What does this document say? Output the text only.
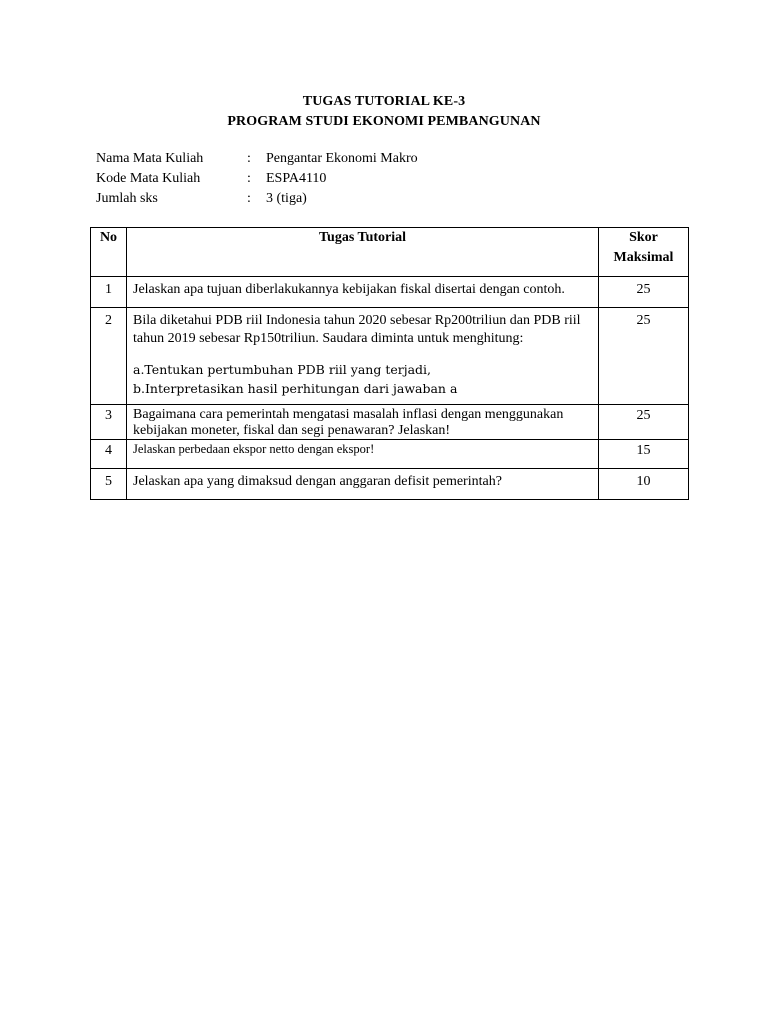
TUGAS TUTORIAL KE-3
PROGRAM STUDI EKONOMI PEMBANGUNAN
Nama Mata Kuliah	: Pengantar Ekonomi Makro
Kode Mata Kuliah	: ESPA4110
Jumlah sks	: 3 (tiga)
No	Tugas Tutorial	Skor
Maksimal

1	Jelaskan apa tujuan diberlakukannya kebijakan fiskal disertai dengan contoh.	25
2	Bila diketahui PDB riil Indonesia tahun 2020 sebesar Rp200triliun dan PDB riil tahun 2019 sebesar Rp150triliun. Saudara diminta untuk menghitung:
a.Tentukan pertumbuhan PDB riil yang terjadi,
b.Interpretasikan hasil perhitungan dari jawaban a	25
3	Bagaimana cara pemerintah mengatasi masalah inflasi dengan menggunakan kebijakan moneter, fiskal dan segi penawaran? Jelaskan!	25
4	Jelaskan perbedaan ekspor netto dengan ekspor!	15
5	Jelaskan apa yang dimaksud dengan anggaran defisit pemerintah?	10
